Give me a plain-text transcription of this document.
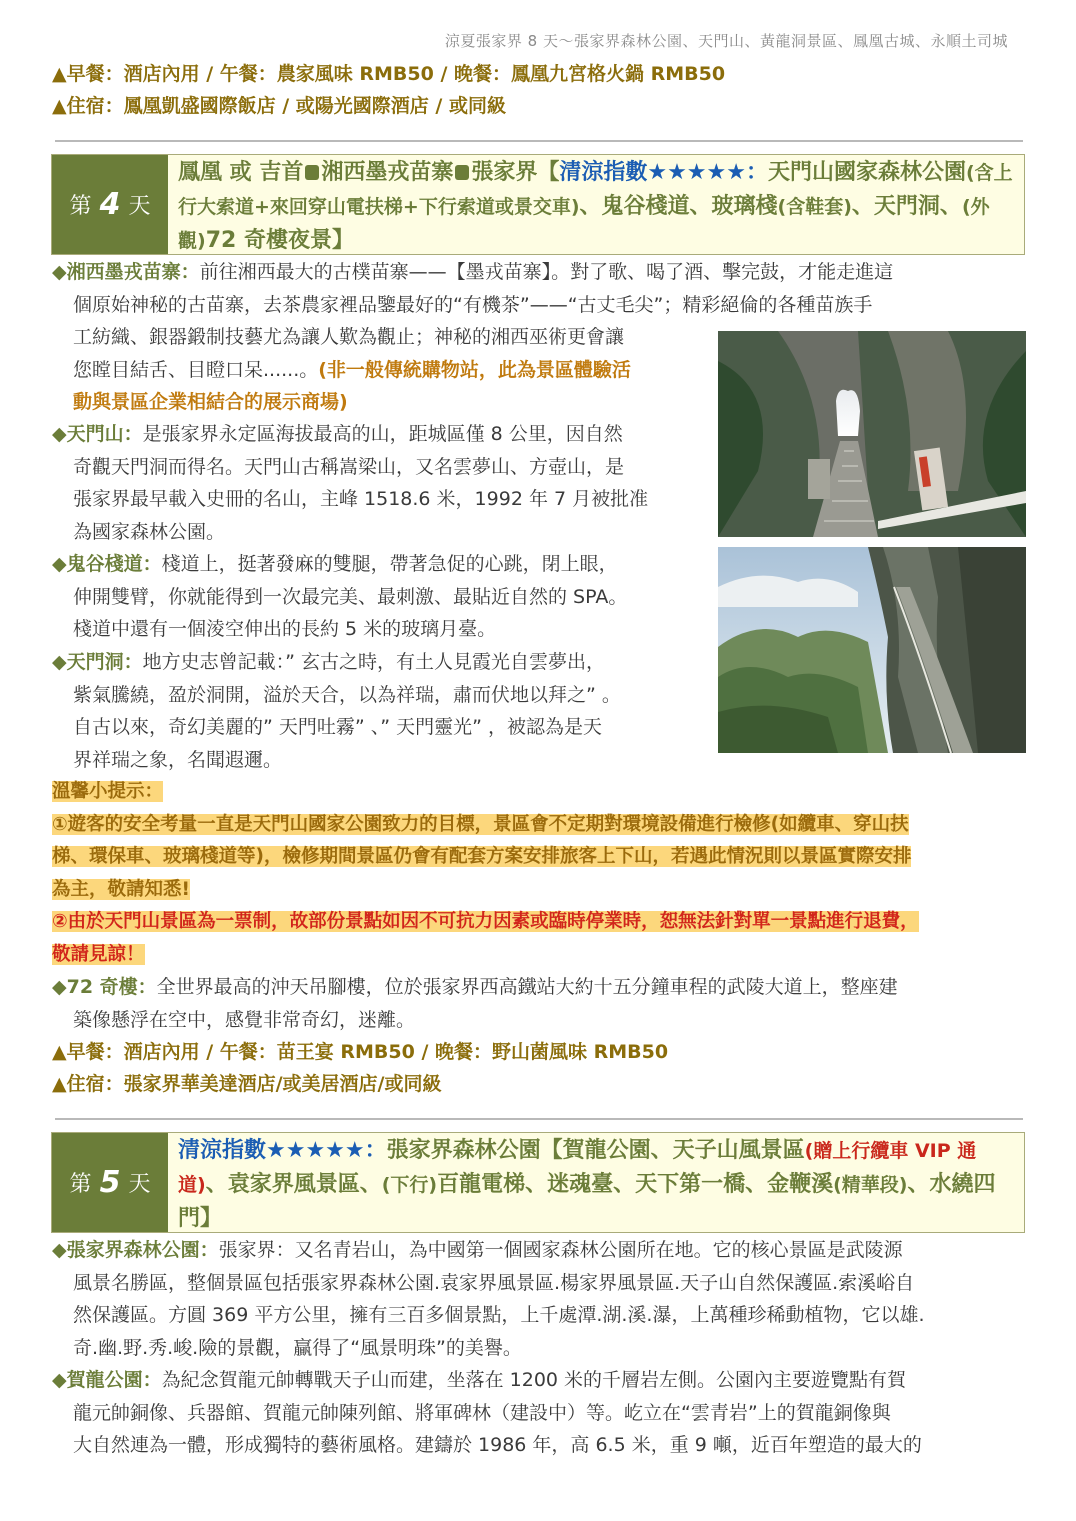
涼夏張家界 8 天～張家界森林公園、天門山、黃龍洞景區、鳳凰古城、永順土司城
▲早餐：酒店內用 / 午餐：農家風味 RMB50 / 晚餐：鳳凰九宮格火鍋 RMB50
▲住宿：鳳凰凱盛國際飯店 / 或陽光國際酒店 / 或同級
第 4 天
鳳凰 或 吉首 湘西墨戎苗寨 張家界【清涼指數★★★★★：天門山國家森林公園(含上行大索道+來回穿山電扶梯+下行索道或景交車)、鬼谷棧道、玻璃棧(含鞋套)、天門洞、(外觀)72 奇樓夜景】
◆湘西墨戎苗寨：前往湘西最大的古樸苗寨——【墨戎苗寨】。對了歌、喝了酒、擊完鼓，才能走進這
個原始神秘的古苗寨，去茶農家裡品鑒最好的“有機茶”——“古丈毛尖”；精彩絕倫的各種苗族手
工紡織、銀器鍛制技藝尤為讓人歎為觀止；神秘的湘西巫術更會讓
您瞠目結舌、目瞪口呆......。(非一般傳統購物站，此為景區體驗活
動與景區企業相結合的展示商場)
◆天門山：是張家界永定區海拔最高的山，距城區僅 8 公里，因自然
奇觀天門洞而得名。天門山古稱嵩梁山，又名雲夢山、方壺山，是
張家界最早載入史冊的名山，主峰 1518.6 米，1992 年 7 月被批准
為國家森林公園。
◆鬼谷棧道：棧道上，挺著發麻的雙腿，帶著急促的心跳，閉上眼，
伸開雙臂，你就能得到一次最完美、最刺激、最貼近自然的 SPA。
棧道中還有一個淩空伸出的長約 5 米的玻璃月臺。
◆天門洞：地方史志曾記載：” 玄古之時，有土人見霞光自雲夢出，
紫氣騰繞，盈於洞開，溢於天合，以為祥瑞，肅而伏地以拜之” 。
自古以來，奇幻美麗的” 天門吐霧” 、” 天門靈光” ，被認為是天
界祥瑞之象，名聞遐邇。
溫馨小提示：
①遊客的安全考量一直是天門山國家公園致力的目標，景區會不定期對環境設備進行檢修(如纜車、穿山扶
梯、環保車、玻璃棧道等)，檢修期間景區仍會有配套方案安排旅客上下山，若遇此情況則以景區實際安排
為主，敬請知悉!
②由於天門山景區為一票制，故部份景點如因不可抗力因素或臨時停業時，恕無法針對單一景點進行退費，
敬請見諒！
◆72 奇樓：全世界最高的沖天吊腳樓，位於張家界西高鐵站大約十五分鐘車程的武陵大道上，整座建
築像懸浮在空中，感覺非常奇幻，迷離。
▲早餐：酒店內用 / 午餐：苗王宴 RMB50 / 晚餐：野山菌風味 RMB50
▲住宿：張家界華美達酒店/或美居酒店/或同級
第 5 天
清涼指數★★★★★：張家界森林公園【賀龍公園、天子山風景區(贈上行纜車 VIP 通道)、袁家界風景區、(下行)百龍電梯、迷魂臺、天下第一橋、金鞭溪(精華段)、水繞四門】
◆張家界森林公園：張家界：又名青岩山，為中國第一個國家森林公園所在地。它的核心景區是武陵源
風景名勝區，整個景區包括張家界森林公園.袁家界風景區.楊家界風景區.天子山自然保護區.索溪峪自
然保護區。方圓 369 平方公里，擁有三百多個景點，上千處潭.湖.溪.瀑，上萬種珍稀動植物，它以雄.
奇.幽.野.秀.峻.險的景觀，贏得了“風景明珠”的美譽。
◆賀龍公園：為紀念賀龍元帥轉戰天子山而建，坐落在 1200 米的千層岩左側。公園內主要遊覽點有賀
龍元帥銅像、兵器館、賀龍元帥陳列館、將軍碑林（建設中）等。屹立在“雲青岩”上的賀龍銅像與
大自然連為一體，形成獨特的藝術風格。建鑄於 1986 年，高 6.5 米，重 9 噸，近百年塑造的最大的
